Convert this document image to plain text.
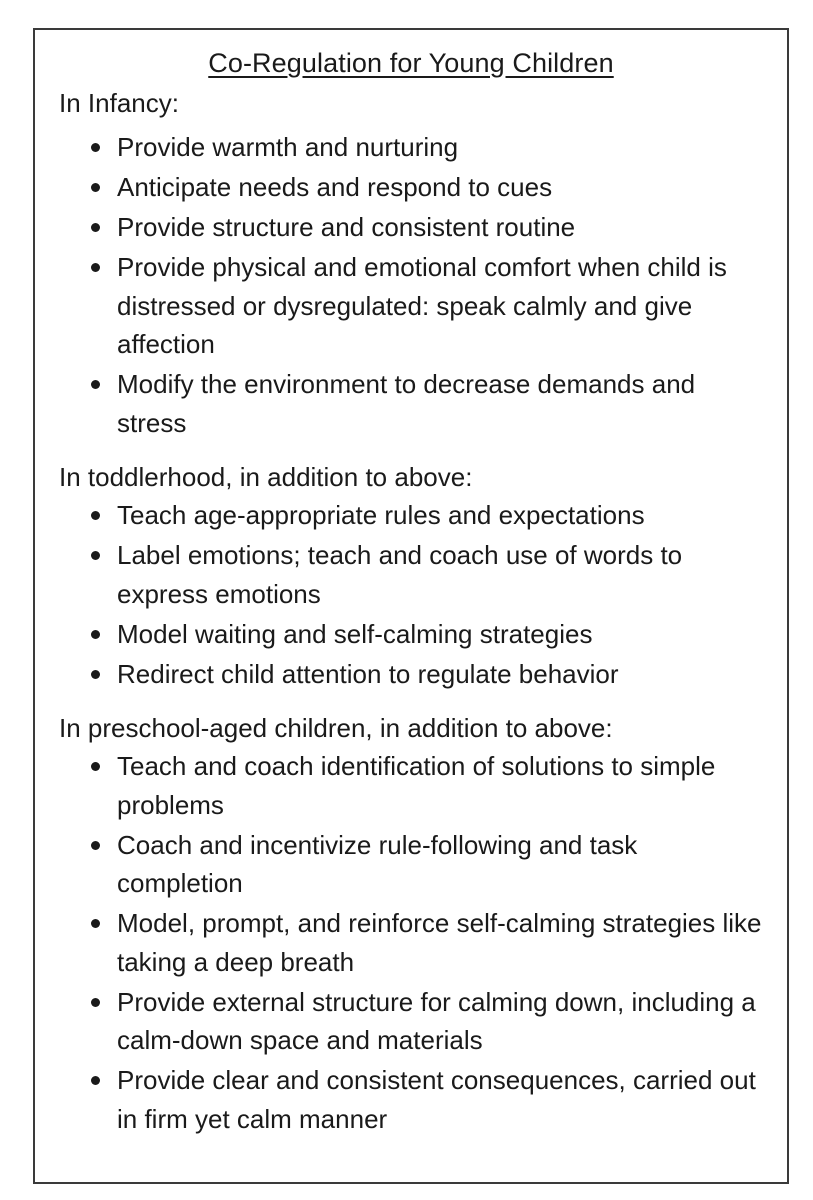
Co-Regulation for Young Children
In Infancy:
Provide warmth and nurturing
Anticipate needs and respond to cues
Provide structure and consistent routine
Provide physical and emotional comfort when child is distressed or dysregulated: speak calmly and give affection
Modify the environment to decrease demands and stress
In toddlerhood, in addition to above:
Teach age-appropriate rules and expectations
Label emotions; teach and coach use of words to express emotions
Model waiting and self-calming strategies
Redirect child attention to regulate behavior
In preschool-aged children, in addition to above:
Teach and coach identification of solutions to simple problems
Coach and incentivize rule-following and task completion
Model, prompt, and reinforce self-calming strategies like taking a deep breath
Provide external structure for calming down, including a calm-down space and materials
Provide clear and consistent consequences, carried out in firm yet calm manner
